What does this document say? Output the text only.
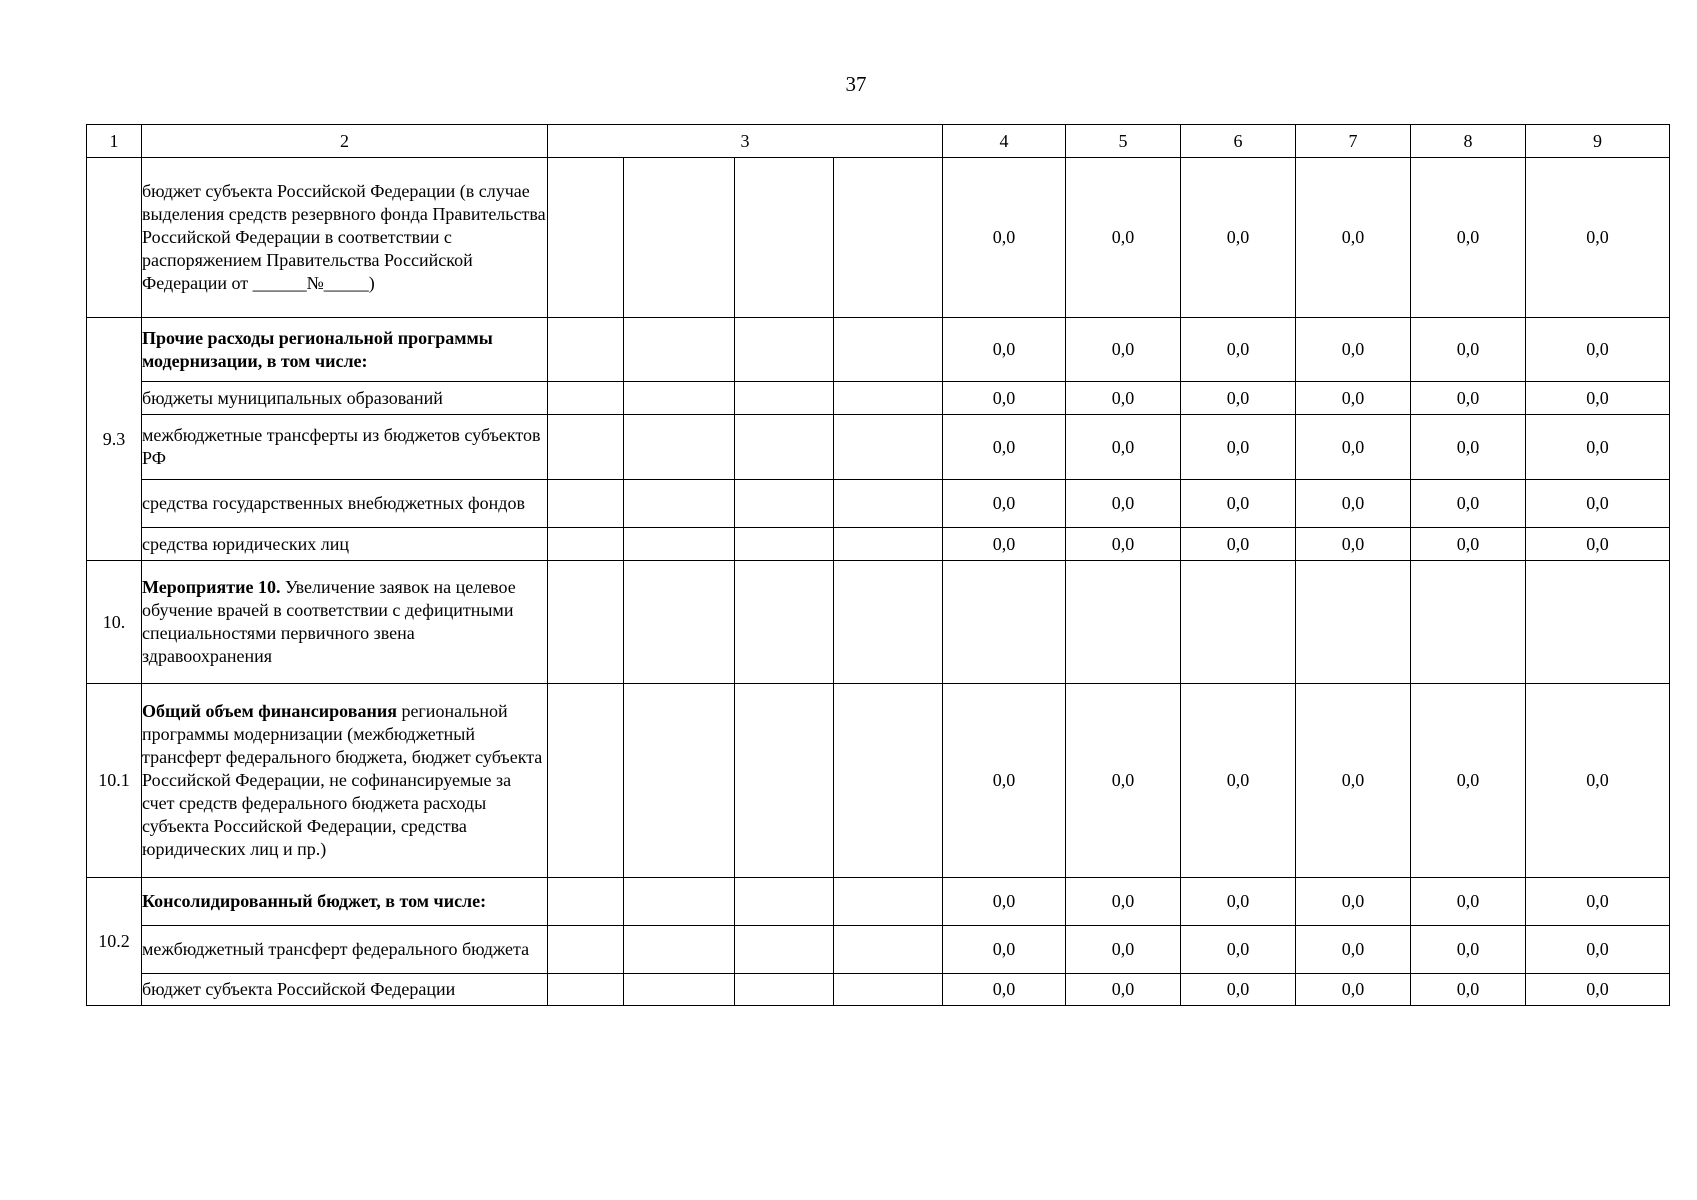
37
1	2	3				4	5	6	7	8	9
	бюджет субъекта Российской Федерации (в случае выделения средств резервного фонда Правительства Российской Федерации в соответствии с распоряжением Правительства Российской Федерации от ______№_____)					0,0	0,0	0,0	0,0	0,0	0,0
9.3	Прочие расходы региональной программы модернизации, в том числе:					0,0	0,0	0,0	0,0	0,0	0,0
	бюджеты муниципальных образований					0,0	0,0	0,0	0,0	0,0	0,0
	межбюджетные трансферты из бюджетов субъектов РФ					0,0	0,0	0,0	0,0	0,0	0,0
	средства государственных внебюджетных фондов					0,0	0,0	0,0	0,0	0,0	0,0
	средства юридических лиц					0,0	0,0	0,0	0,0	0,0	0,0
10.	Мероприятие 10. Увеличение заявок на целевое обучение врачей в соответствии с дефицитными специальностями первичного звена здравоохранения										
10.1	Общий объем финансирования региональной программы модернизации (межбюджетный трансферт федерального бюджета, бюджет субъекта Российской Федерации, не софинансируемые за счет средств федерального бюджета расходы субъекта Российской Федерации, средства юридических лиц и пр.)					0,0	0,0	0,0	0,0	0,0	0,0
10.2	Консолидированный бюджет, в том числе:					0,0	0,0	0,0	0,0	0,0	0,0
	межбюджетный трансферт федерального бюджета					0,0	0,0	0,0	0,0	0,0	0,0
	бюджет субъекта Российской Федерации					0,0	0,0	0,0	0,0	0,0	0,0
